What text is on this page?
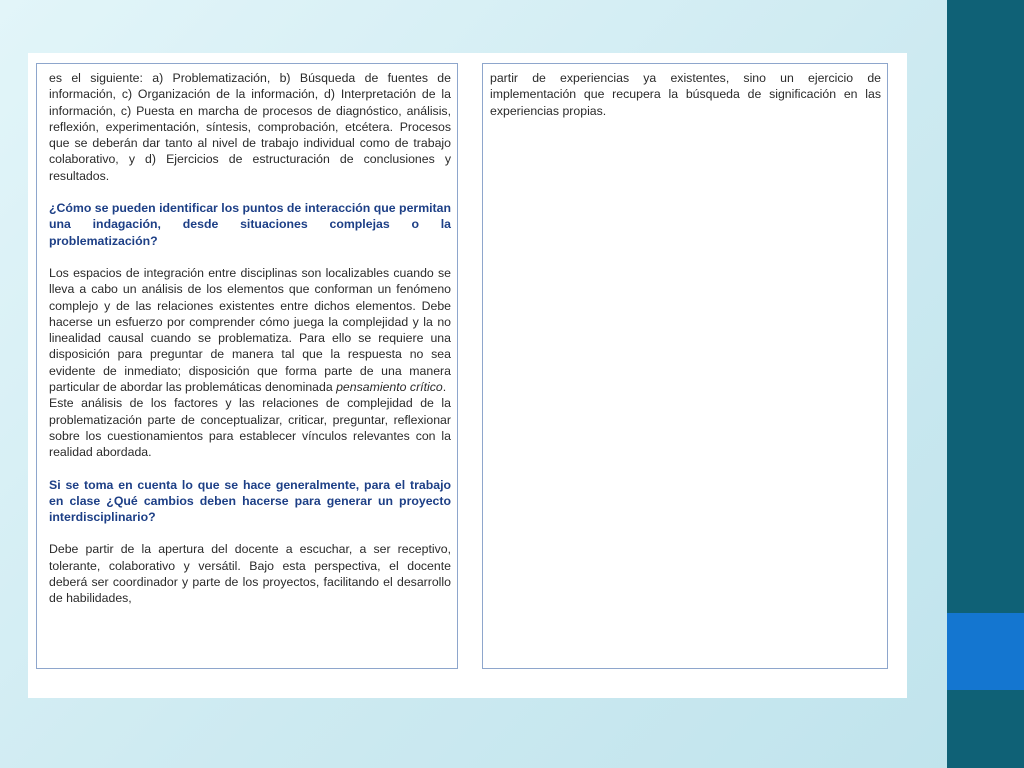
es el siguiente: a) Problematización, b) Búsqueda de fuentes de información, c) Organización de la información, d) Interpretación de la información, c) Puesta en marcha de procesos de diagnóstico, análisis, reflexión, experimentación, síntesis, comprobación, etcétera. Procesos que se deberán dar tanto al nivel de trabajo individual como de trabajo colaborativo, y d) Ejercicios de estructuración de conclusiones y resultados.

¿Cómo se pueden identificar los puntos de interacción que permitan una indagación, desde situaciones complejas o la problematización?

Los espacios de integración entre disciplinas son localizables cuando se lleva a cabo un análisis de los elementos que conforman un fenómeno complejo y de las relaciones existentes entre dichos elementos. Debe hacerse un esfuerzo por comprender cómo juega la complejidad y la no linealidad causal cuando se problematiza. Para ello se requiere una disposición para preguntar de manera tal que la respuesta no sea evidente de inmediato; disposición que forma parte de una manera particular de abordar las problemáticas denominada pensamiento crítico.

Este análisis de los factores y las relaciones de complejidad de la problematización parte de conceptualizar, criticar, preguntar, reflexionar sobre los cuestionamientos para establecer vínculos relevantes con la realidad abordada.

Si se toma en cuenta lo que se hace generalmente, para el trabajo en clase ¿Qué cambios deben hacerse para generar un proyecto interdisciplinario?

Debe partir de la apertura del docente a escuchar, a ser receptivo, tolerante, colaborativo y versátil. Bajo esta perspectiva, el docente deberá ser coordinador y parte de los proyectos, facilitando el desarrollo de habilidades,

partir de experiencias ya existentes, sino un ejercicio de implementación que recupera la búsqueda de significación en las experiencias propias.
